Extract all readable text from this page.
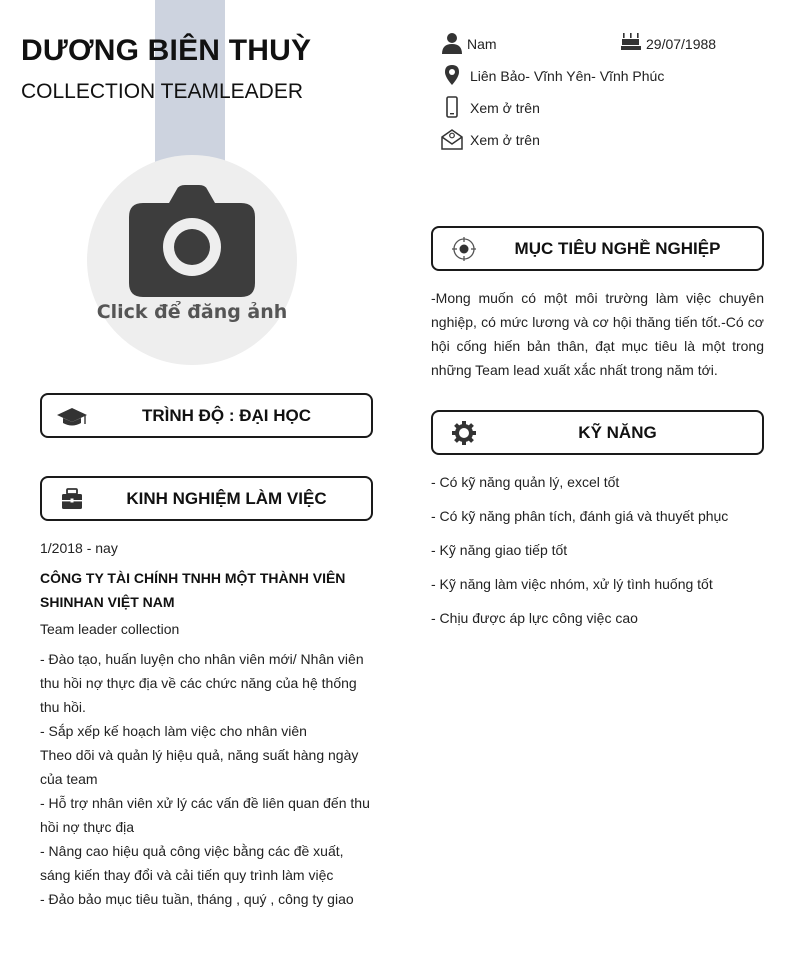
DƯƠNG BIÊN THUỲ
COLLECTION TEAMLEADER
Click để đăng ảnh
Nam	29/07/1988
Liên Bảo- Vĩnh Yên- Vĩnh Phúc
Xem ở trên
Xem ở trên
MỤC TIÊU NGHỀ NGHIỆP
-Mong muốn có một môi trường làm việc chuyên nghiệp, có mức lương và cơ hội thăng tiến tốt.-Có cơ hội cống hiến bản thân, đạt mục tiêu là một trong những Team lead xuất xắc nhất trong năm tới.
KỸ NĂNG
- Có kỹ năng quản lý, excel tốt
- Có kỹ năng phân tích, đánh giá và thuyết phục
- Kỹ năng giao tiếp tốt
- Kỹ năng làm việc nhóm, xử lý tình huống tốt
- Chịu được áp lực công việc cao
TRÌNH ĐỘ : ĐẠI HỌC
KINH NGHIỆM LÀM VIỆC
1/2018 - nay
CÔNG TY TÀI CHÍNH TNHH MỘT THÀNH VIÊN SHINHAN VIỆT NAM
Team leader collection
- Đào tạo, huấn luyện cho nhân viên mới/ Nhân viên thu hồi nợ thực địa về các chức năng của hệ thống thu hồi.
- Sắp xếp kế hoạch làm việc cho nhân viên
Theo dõi và quản lý hiệu quả, năng suất hàng ngày của team
- Hỗ trợ nhân viên xử lý các vấn đề liên quan đến thu hồi nợ thực địa
- Nâng cao hiệu quả công việc bằng các đề xuất, sáng kiến thay đổi và cải tiến quy trình làm việc
- Đảo bảo mục tiêu tuần, tháng , quý , công ty giao
